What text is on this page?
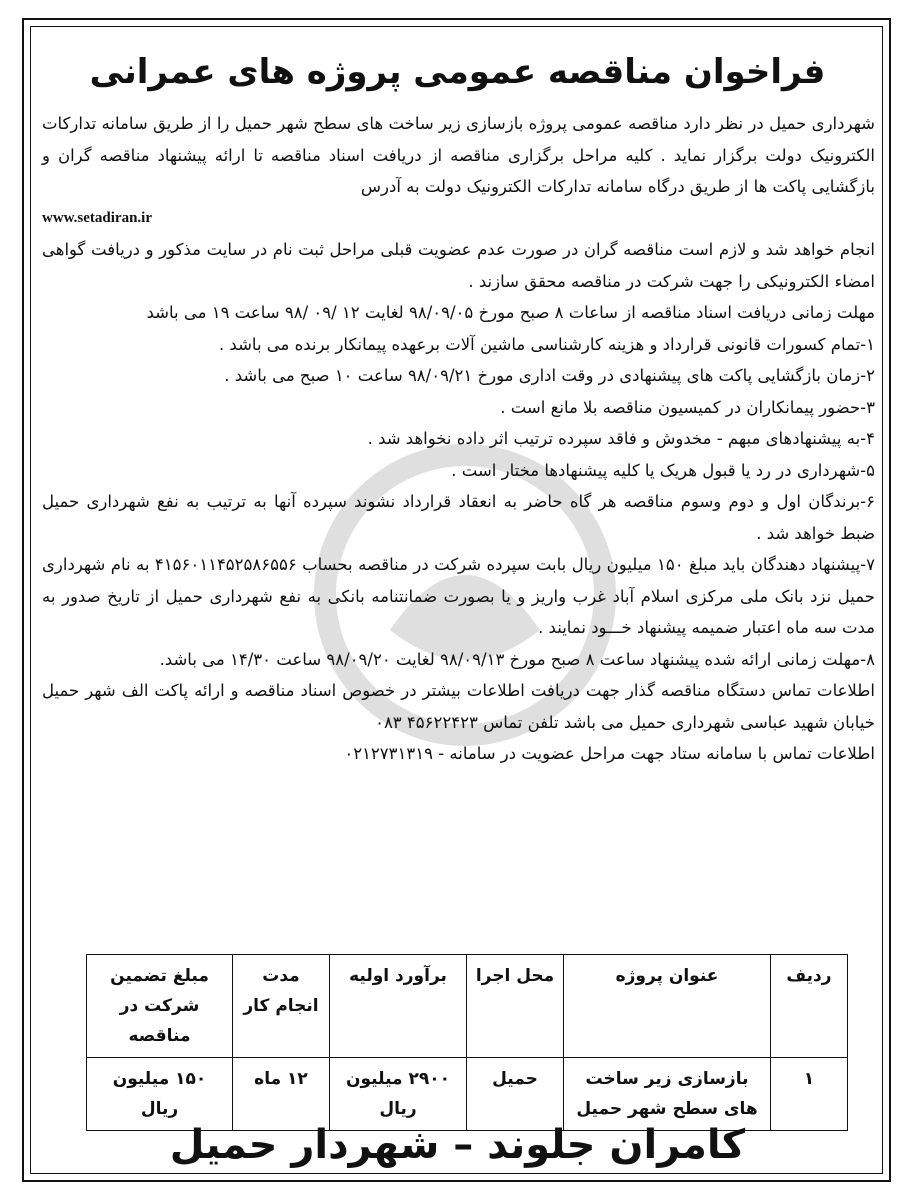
فراخوان مناقصه عمومی پروژه های عمرانی

شهرداری حمیل در نظر دارد مناقصه عمومی پروژه بازسازی زیر ساخت های سطح شهر حمیل را از طریق سامانه تدارکات الکترونیک دولت برگزار نماید . کلیه مراحل برگزاری مناقصه از دریافت اسناد مناقصه تا ارائه پیشنهاد مناقصه گران و بازگشایی پاکت ها از طریق درگاه سامانه تدارکات الکترونیک دولت به آدرس

www.setadiran.ir

انجام خواهد شد و لازم است مناقصه گران در صورت عدم عضویت قبلی مراحل ثبت نام در سایت مذکور و دریافت گواهی امضاء الکترونیکی را جهت شرکت در مناقصه محقق سازند .

مهلت زمانی دریافت اسناد مناقصه از ساعات ۸ صبح مورخ ۹۸/۰۹/۰۵ لغایت ۱۲ /۰۹ /۹۸ ساعت ۱۹ می باشد

۱-تمام کسورات قانونی قرارداد و هزینه کارشناسی ماشین آلات برعهده پیمانکار برنده می باشد .

۲-زمان بازگشایی پاکت های پیشنهادی در وقت اداری مورخ ۹۸/۰۹/۲۱ ساعت ۱۰ صبح می باشد .

۳-حضور پیمانکاران در کمیسیون مناقصه بلا مانع است .

۴-به پیشنهادهای مبهم - مخدوش و فاقد سپرده ترتیب اثر داده نخواهد شد .

۵-شهرداری در رد یا قبول هریک یا کلیه پیشنهادها مختار است .

۶-برندگان اول و دوم وسوم مناقصه هر گاه حاضر به انعقاد قرارداد نشوند سپرده آنها به ترتیب به نفع شهرداری حمیل ضبط خواهد شد .

۷-پیشنهاد دهندگان باید مبلغ ۱۵۰ میلیون ریال بابت سپرده شرکت در مناقصه بحساب ۴۱۵۶۰۱۱۴۵۲۵۸۶۵۵۶ به نام شهرداری حمیل نزد بانک ملی مرکزی اسلام آباد غرب واریز و یا بصورت ضمانتنامه بانکی به نفع شهرداری حمیل از تاریخ صدور به مدت سه ماه اعتبار ضمیمه پیشنهاد خـــود نمایند .

۸-مهلت زمانی ارائه شده پیشنهاد ساعت ۸ صبح مورخ ۹۸/۰۹/۱۳ لغایت ۹۸/۰۹/۲۰ ساعت ۱۴/۳۰ می باشد.

اطلاعات تماس دستگاه مناقصه گذار جهت دریافت اطلاعات بیشتر در خصوص اسناد مناقصه و ارائه پاکت الف شهر حمیل خیابان شهید عباسی شهرداری حمیل می باشد تلفن تماس ۴۵۶۲۲۴۲۳ ۰۸۳

اطلاعات تماس با سامانه ستاد جهت مراحل عضویت در سامانه - ۰۲۱۲۷۳۱۳۱۹

ردیف	عنوان پروژه	محل اجرا	برآورد اولیه	مدت انجام کار	مبلغ تضمین شرکت در مناقصه
۱	بازسازی زیر ساخت های سطح شهر حمیل	حمیل	۲۹۰۰ میلیون ریال	۱۲ ماه	۱۵۰ میلیون ریال
کامران جلوند – شهردار حمیل
